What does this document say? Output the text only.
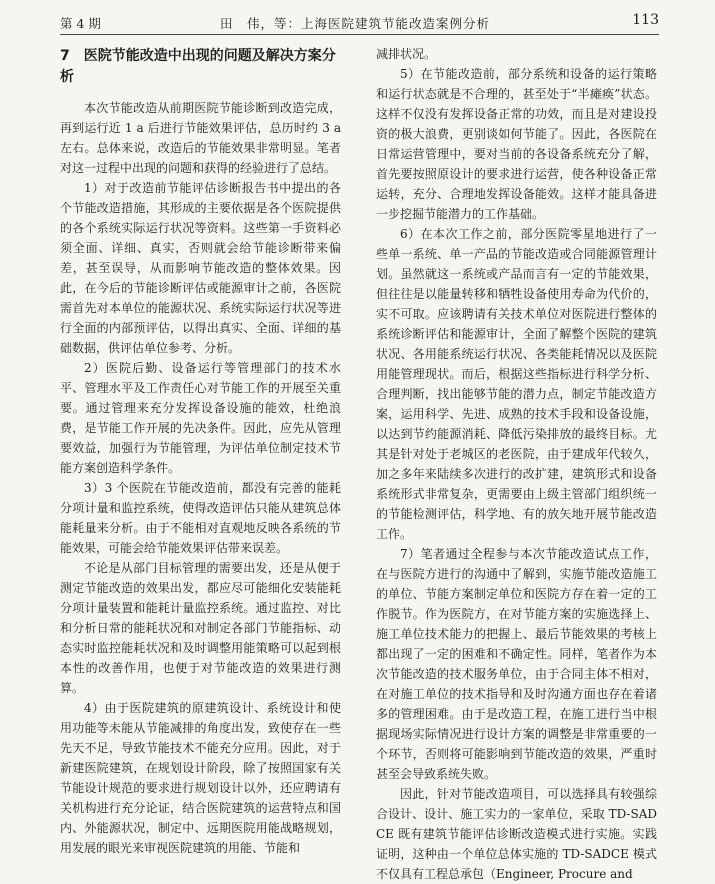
第 4 期	田　伟，等：上海医院建筑节能改造案例分析	113
7　医院节能改造中出现的问题及解决方案分析

本次节能改造从前期医院节能诊断到改造完成，再到运行近 1 a 后进行节能效果评估，总历时约 3 a 左右。总体来说，改造后的节能效果非常明显。笔者对这一过程中出现的问题和获得的经验进行了总结。

1）对于改造前节能评估诊断报告书中提出的各个节能改造措施，其形成的主要依据是各个医院提供的各个系统实际运行状况等资料。这些第一手资料必须全面、详细、真实，否则就会给节能诊断带来偏差，甚至误导，从而影响节能改造的整体效果。因此，在今后的节能诊断评估或能源审计之前，各医院需首先对本单位的能源状况、系统实际运行状况等进行全面的内部预评估，以得出真实、全面、详细的基础数据，供评估单位参考、分析。

2）医院后勤、设备运行等管理部门的技术水平、管理水平及工作责任心对节能工作的开展至关重要。通过管理来充分发挥设备设施的能效，杜绝浪费，是节能工作开展的先决条件。因此，应先从管理要效益，加强行为节能管理，为评估单位制定技术节能方案创造科学条件。

3）3 个医院在节能改造前，都没有完善的能耗分项计量和监控系统，使得改造评估只能从建筑总体能耗量来分析。由于不能相对直观地反映各系统的节能效果，可能会给节能效果评估带来误差。

不论是从部门目标管理的需要出发，还是从便于测定节能改造的效果出发，都应尽可能细化安装能耗分项计量装置和能耗计量监控系统。通过监控、对比和分析日常的能耗状况和对制定各部门节能指标、动态实时监控能耗状况和及时调整用能策略可以起到根本性的改善作用，也便于对节能改造的效果进行测算。

4）由于医院建筑的原建筑设计、系统设计和使用功能等未能从节能减排的角度出发，致使存在一些先天不足，导致节能技术不能充分应用。因此，对于新建医院建筑，在规划设计阶段，除了按照国家有关节能设计规范的要求进行规划设计以外，还应聘请有关机构进行充分论证，结合医院建筑的运营特点和国内、外能源状况，制定中、远期医院用能战略规划，用发展的眼光来审视医院建筑的用能、节能和

减排状况。

5）在节能改造前，部分系统和设备的运行策略和运行状态就是不合理的，甚至处于“半瘫痪”状态。这样不仅没有发挥设备正常的功效，而且是对建设投资的极大浪费，更别谈如何节能了。因此，各医院在日常运营管理中，要对当前的各设备系统充分了解，首先要按照原设计的要求进行运营，使各种设备正常运转，充分、合理地发挥设备能效。这样才能具备进一步挖掘节能潜力的工作基础。

6）在本次工作之前，部分医院零星地进行了一些单一系统、单一产品的节能改造或合同能源管理计划。虽然就这一系统或产品而言有一定的节能效果，但往往是以能量转移和牺牲设备使用寿命为代价的，实不可取。应该聘请有关技术单位对医院进行整体的系统诊断评估和能源审计，全面了解整个医院的建筑状况、各用能系统运行状况、各类能耗情况以及医院用能管理现状。而后，根据这些指标进行科学分析、合理判断，找出能够节能的潜力点，制定节能改造方案，运用科学、先进、成熟的技术手段和设备设施，以达到节约能源消耗、降低污染排放的最终目标。尤其是针对处于老城区的老医院，由于建成年代较久，加之多年来陆续多次进行的改扩建，建筑形式和设备系统形式非常复杂，更需要由上级主管部门组织统一的节能检测评估，科学地、有的放矢地开展节能改造工作。

7）笔者通过全程参与本次节能改造试点工作，在与医院方进行的沟通中了解到，实施节能改造施工的单位、节能方案制定单位和医院方存在着一定的工作脱节。作为医院方，在对节能方案的实施选择上、施工单位技术能力的把握上、最后节能效果的考核上都出现了一定的困难和不确定性。同样，笔者作为本次节能改造的技术服务单位，由于合同主体不相对，在对施工单位的技术指导和及时沟通方面也存在着诸多的管理困难。由于是改造工程，在施工进行当中根据现场实际情况进行设计方案的调整是非常重要的一个环节，否则将可能影响到节能改造的效果，严重时甚至会导致系统失败。

因此，针对节能改造项目，可以选择具有较强综合设计、设计、施工实力的一家单位，采取 TD-SADCE 既有建筑节能评估诊断改造模式进行实施。实践证明，这种由一个单位总体实施的 TD-SADCE 模式不仅具有工程总承包（Engineer, Procure and
